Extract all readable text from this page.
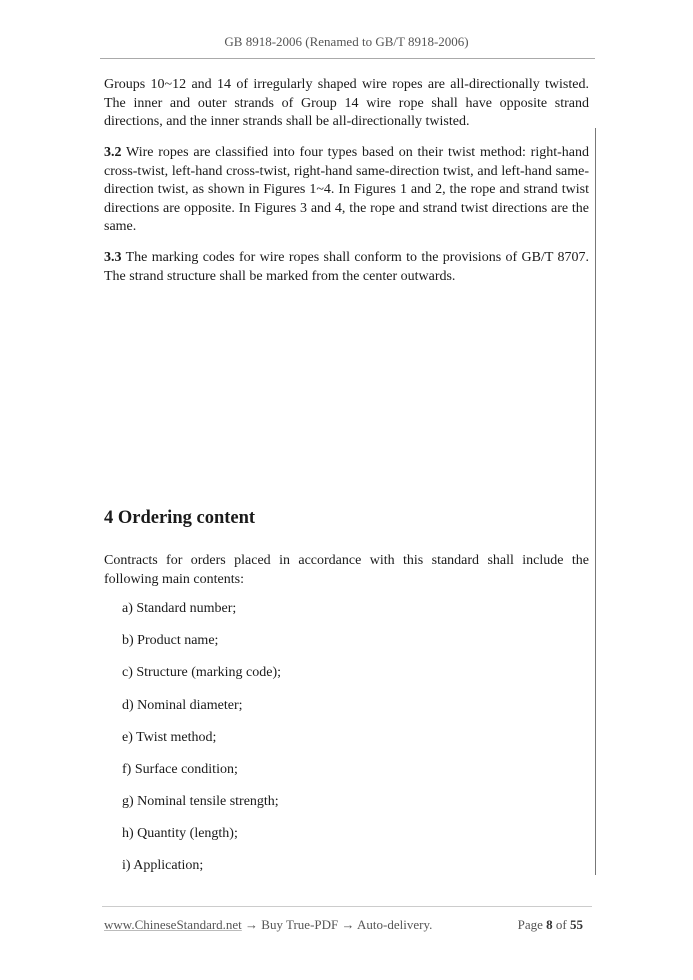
GB 8918-2006 (Renamed to GB/T 8918-2006)
Groups 10~12 and 14 of irregularly shaped wire ropes are all-directionally twisted. The inner and outer strands of Group 14 wire rope shall have opposite strand directions, and the inner strands shall be all-directionally twisted.
3.2 Wire ropes are classified into four types based on their twist method: right-hand cross-twist, left-hand cross-twist, right-hand same-direction twist, and left-hand same-direction twist, as shown in Figures 1~4. In Figures 1 and 2, the rope and strand twist directions are opposite. In Figures 3 and 4, the rope and strand twist directions are the same.
3.3 The marking codes for wire ropes shall conform to the provisions of GB/T 8707. The strand structure shall be marked from the center outwards.
4 Ordering content
Contracts for orders placed in accordance with this standard shall include the following main contents:
a) Standard number;
b) Product name;
c) Structure (marking code);
d) Nominal diameter;
e) Twist method;
f) Surface condition;
g) Nominal tensile strength;
h) Quantity (length);
i) Application;
www.ChineseStandard.net → Buy True-PDF → Auto-delivery.	Page 8 of 55
